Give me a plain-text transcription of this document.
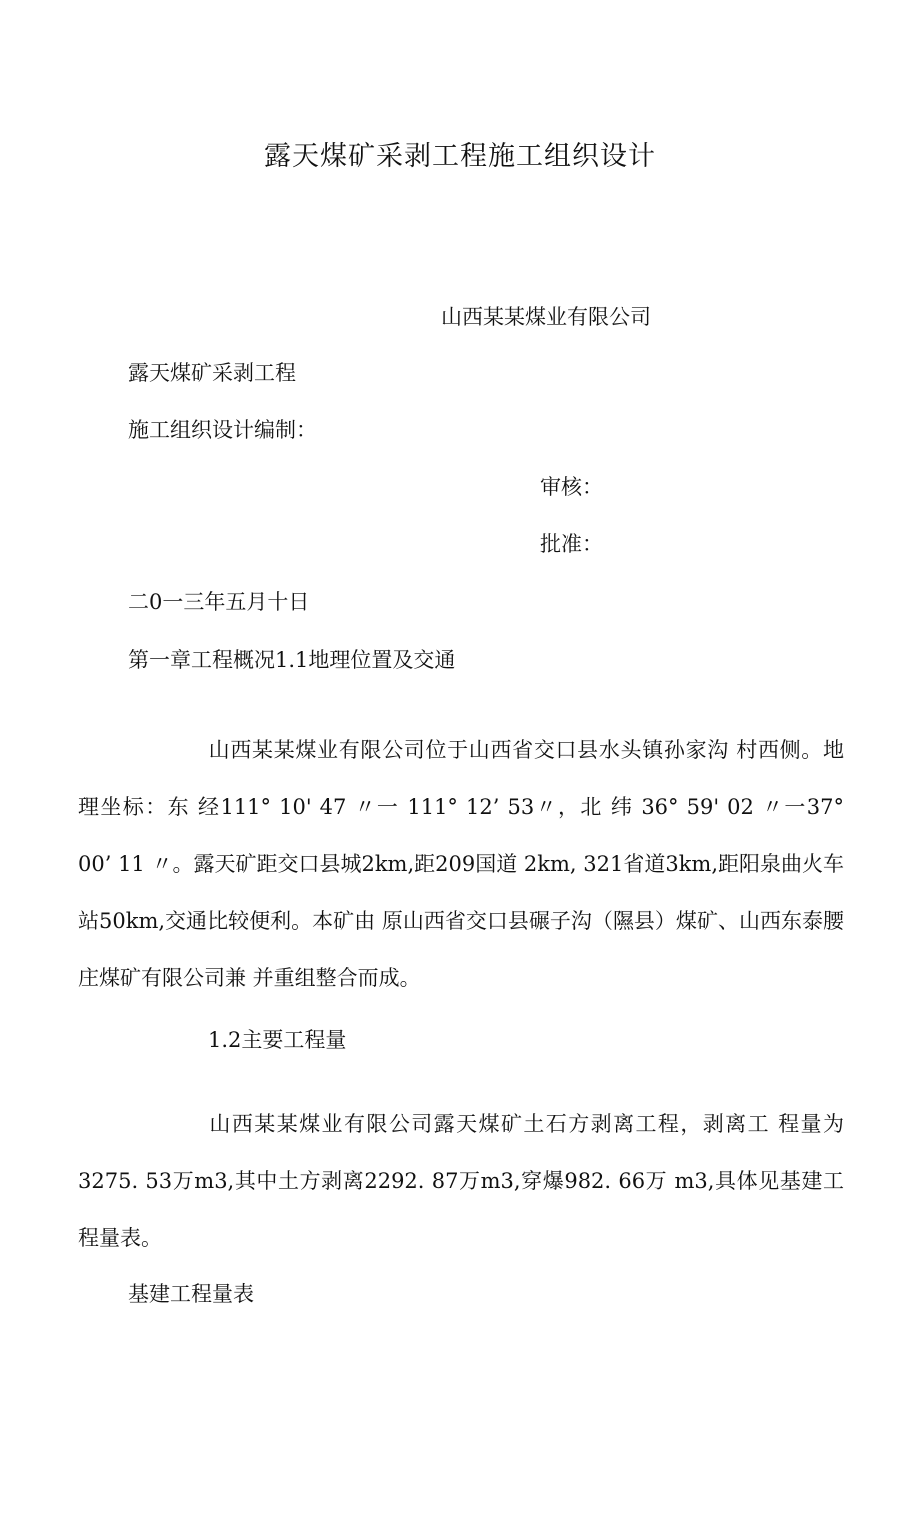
露天煤矿采剥工程施工组织设计
山西某某煤业有限公司
露天煤矿采剥工程
施工组织设计编制：
审核：
批准：
二0一三年五月十日
第一章工程概况1.1地理位置及交通
山西某某煤业有限公司位于山西省交口县水头镇孙家沟 村西侧。地理坐标：东 经111° 10' 47 〃一 111° 12’ 53〃，北 纬 36° 59' 02 〃一37° 00’ 11 〃。露天矿距交口县城2km,距209国道 2km, 321省道3km,距阳泉曲火车站50km,交通比较便利。本矿由 原山西省交口县碾子沟（隰县）煤矿、山西东泰腰庄煤矿有限公司兼 并重组整合而成。
1.2主要工程量
山西某某煤业有限公司露天煤矿土石方剥离工程，剥离工 程量为3275. 53万m3,其中土方剥离2292. 87万m3,穿爆982. 66万 m3,具体见基建工程量表。
基建工程量表
